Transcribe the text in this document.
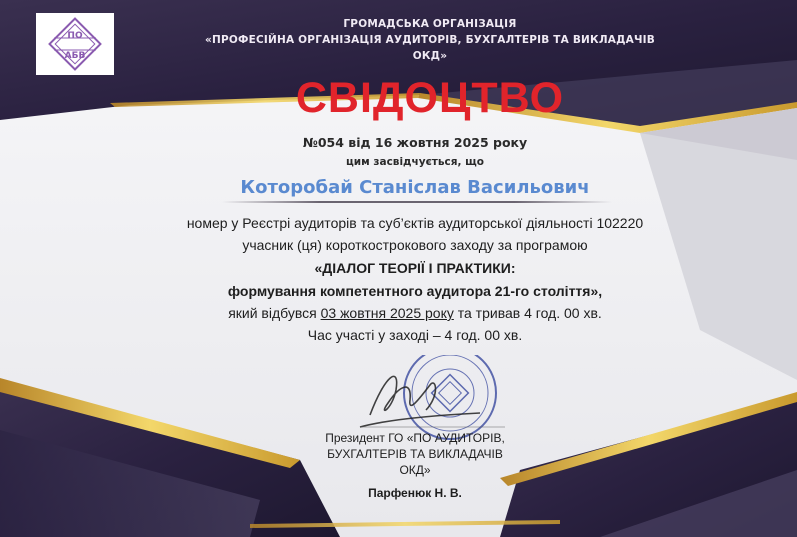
ПО
АБВ
ГРОМАДСЬКА ОРГАНІЗАЦІЯ
«ПРОФЕСІЙНА ОРГАНІЗАЦІЯ АУДИТОРІВ, БУХГАЛТЕРІВ ТА ВИКЛАДАЧІВ
ОКД»
СВІДОЦТВО
№054 від 16 жовтня 2025 року
цим засвідчується, що
Которобай Станіслав Васильович
номер у Реєстрі аудиторів та суб’єктів аудиторської діяльності 102220
учасник (ця) короткострокового заходу за програмою
«ДІАЛОГ ТЕОРІЇ І ПРАКТИКИ:
формування компетентного аудитора 21-го століття»,
який відбувся 03 жовтня 2025 року та тривав 4 год. 00 хв.
Час участі у заході – 4 год. 00 хв.
Президент ГО «ПО АУДИТОРІВ,
БУХГАЛТЕРІВ ТА ВИКЛАДАЧІВ
ОКД»
Парфенюк Н. В.
